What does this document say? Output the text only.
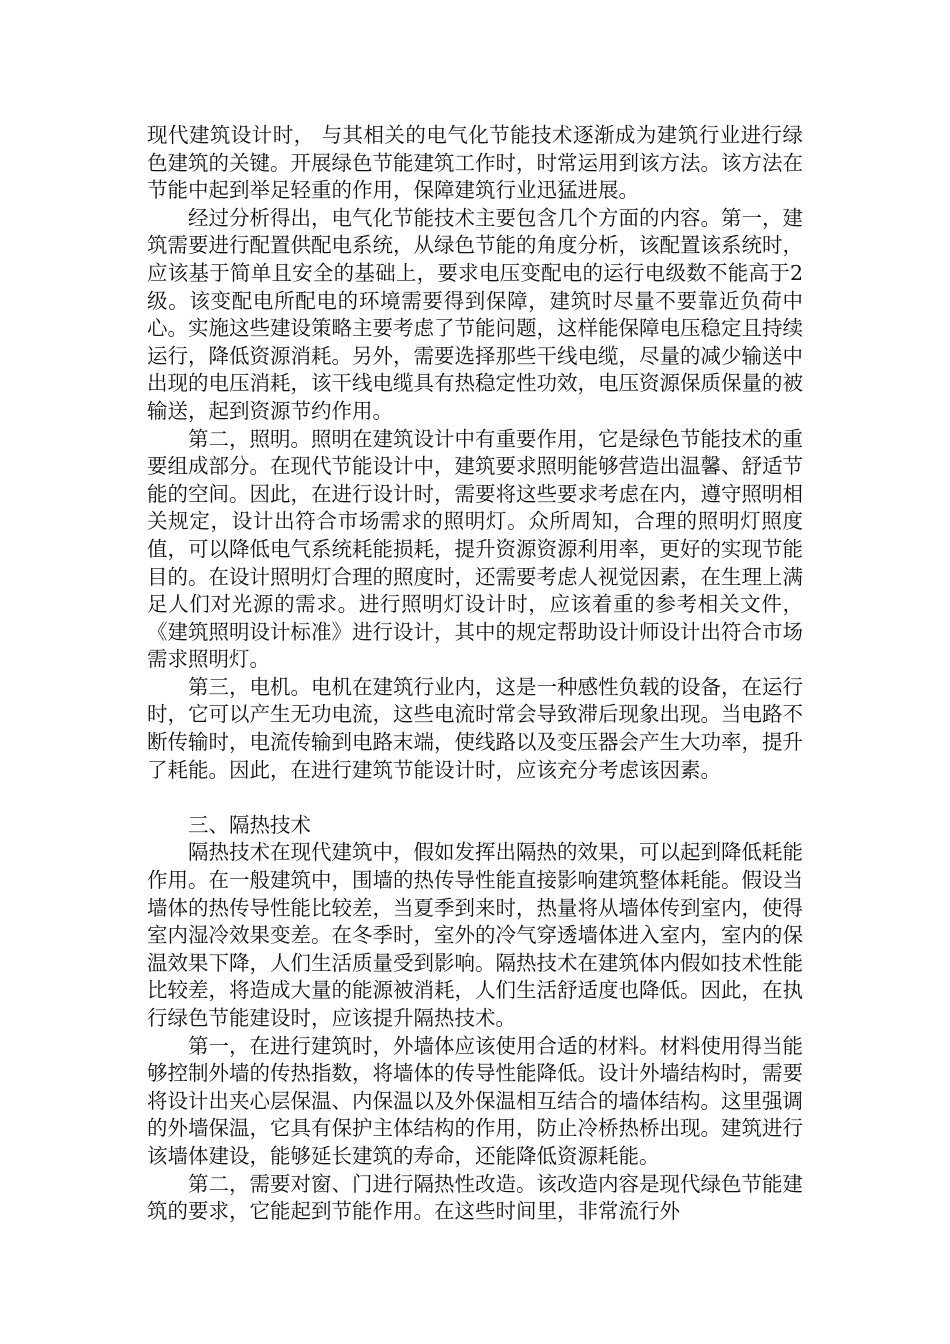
现代建筑设计时， 与其相关的电气化节能技术逐渐成为建筑行业进行绿色建筑的关键。开展绿色节能建筑工作时，时常运用到该方法。该方法在节能中起到举足轻重的作用，保障建筑行业迅猛进展。

经过分析得出，电气化节能技术主要包含几个方面的内容。第一，建筑需要进行配置供配电系统，从绿色节能的角度分析，该配置该系统时，应该基于简单且安全的基础上，要求电压变配电的运行电级数不能高于2级。该变配电所配电的环境需要得到保障，建筑时尽量不要靠近负荷中心。实施这些建设策略主要考虑了节能问题，这样能保障电压稳定且持续运行，降低资源消耗。另外，需要选择那些干线电缆，尽量的减少输送中出现的电压消耗，该干线电缆具有热稳定性功效，电压资源保质保量的被输送，起到资源节约作用。

第二，照明。照明在建筑设计中有重要作用，它是绿色节能技术的重要组成部分。在现代节能设计中，建筑要求照明能够营造出温馨、舒适节能的空间。因此，在进行设计时，需要将这些要求考虑在内，遵守照明相关规定，设计出符合市场需求的照明灯。众所周知，合理的照明灯照度值，可以降低电气系统耗能损耗，提升资源资源利用率，更好的实现节能目的。在设计照明灯合理的照度时，还需要考虑人视觉因素，在生理上满足人们对光源的需求。进行照明灯设计时，应该着重的参考相关文件，《建筑照明设计标准》进行设计，其中的规定帮助设计师设计出符合市场需求照明灯。

第三，电机。电机在建筑行业内，这是一种感性负载的设备，在运行时，它可以产生无功电流，这些电流时常会导致滞后现象出现。当电路不断传输时，电流传输到电路末端，使线路以及变压器会产生大功率，提升了耗能。因此，在进行建筑节能设计时，应该充分考虑该因素。

三、隔热技术

隔热技术在现代建筑中，假如发挥出隔热的效果，可以起到降低耗能作用。在一般建筑中，围墙的热传导性能直接影响建筑整体耗能。假设当墙体的热传导性能比较差，当夏季到来时，热量将从墙体传到室内，使得室内湿冷效果变差。在冬季时，室外的冷气穿透墙体进入室内，室内的保温效果下降，人们生活质量受到影响。隔热技术在建筑体内假如技术性能比较差，将造成大量的能源被消耗，人们生活舒适度也降低。因此，在执行绿色节能建设时，应该提升隔热技术。

第一，在进行建筑时，外墙体应该使用合适的材料。材料使用得当能够控制外墙的传热指数，将墙体的传导性能降低。设计外墙结构时，需要将设计出夹心层保温、内保温以及外保温相互结合的墙体结构。这里强调的外墙保温，它具有保护主体结构的作用，防止冷桥热桥出现。建筑进行该墙体建设，能够延长建筑的寿命，还能降低资源耗能。

第二，需要对窗、门进行隔热性改造。该改造内容是现代绿色节能建筑的要求，它能起到节能作用。在这些时间里，非常流行外
